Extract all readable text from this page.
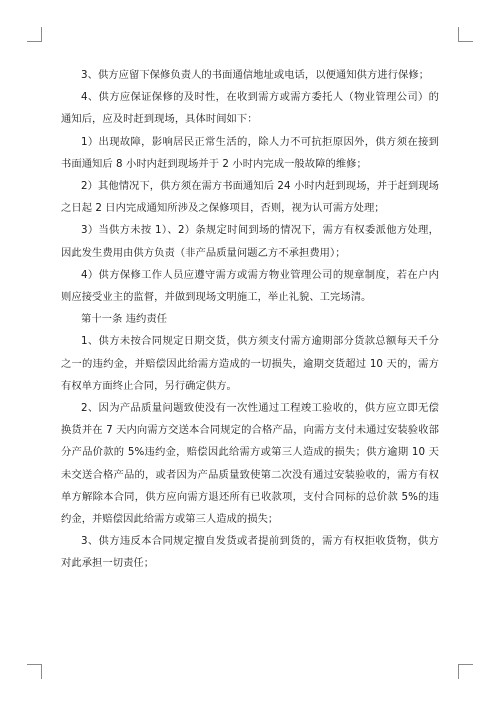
3、供方应留下保修负责人的书面通信地址或电话，以便通知供方进行保修；

4、供方应保证保修的及时性，在收到需方或需方委托人（物业管理公司）的通知后，应及时赶到现场，具体时间如下：

1）出现故障，影响居民正常生活的，除人力不可抗拒原因外，供方须在接到书面通知后 8 小时内赶到现场并于 2 小时内完成一般故障的维修；

2）其他情况下，供方须在需方书面通知后 24 小时内赶到现场，并于赶到现场之日起 2 日内完成通知所涉及之保修项目，否则，视为认可需方处理；

3）当供方未按 1）、2）条规定时间到场的情况下，需方有权委派他方处理，因此发生费用由供方负责（非产品质量问题乙方不承担费用）；

4）供方保修工作人员应遵守需方或需方物业管理公司的规章制度，若在户内则应接受业主的监督，并做到现场文明施工，举止礼貌、工完场清。

第十一条 违约责任

1、供方未按合同规定日期交货，供方须支付需方逾期部分货款总额每天千分之一的违约金，并赔偿因此给需方造成的一切损失，逾期交货超过 10 天的，需方有权单方面终止合同，另行确定供方。

2、因为产品质量问题致使没有一次性通过工程竣工验收的，供方应立即无偿换货并在 7 天内向需方交送本合同规定的合格产品，向需方支付未通过安装验收部分产品价款的 5%违约金，赔偿因此给需方或第三人造成的损失；供方逾期 10 天未交送合格产品的，或者因为产品质量致使第二次没有通过安装验收的，需方有权单方解除本合同，供方应向需方退还所有已收款项，支付合同标的总价款 5%的违约金，并赔偿因此给需方或第三人造成的损失；

3、供方违反本合同规定擅自发货或者提前到货的，需方有权拒收货物，供方对此承担一切责任；
